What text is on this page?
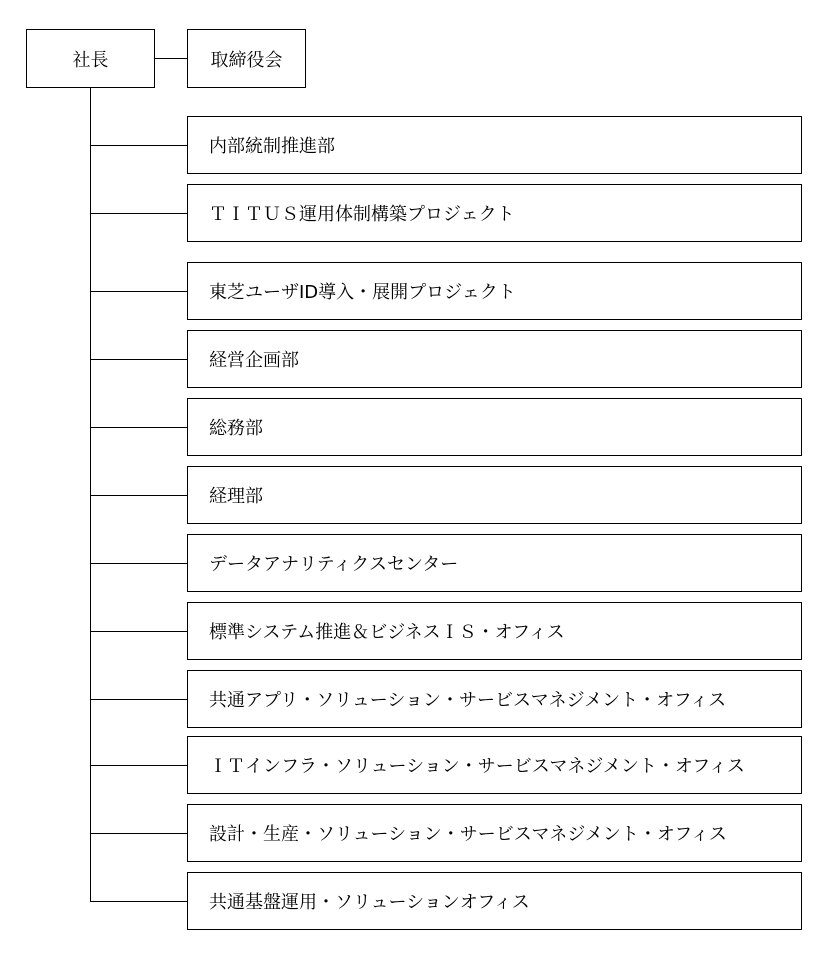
社長	取締役会
内部統制推進部
ＴＩＴＵＳ運用体制構築プロジェクト
東芝ユーザID導入・展開プロジェクト
経営企画部
総務部
経理部
データアナリティクスセンター
標準システム推進＆ビジネスＩＳ・オフィス
共通アプリ・ソリューション・サービスマネジメント・オフィス
ＩＴインフラ・ソリューション・サービスマネジメント・オフィス
設計・生産・ソリューション・サービスマネジメント・オフィス
共通基盤運用・ソリューションオフィス
